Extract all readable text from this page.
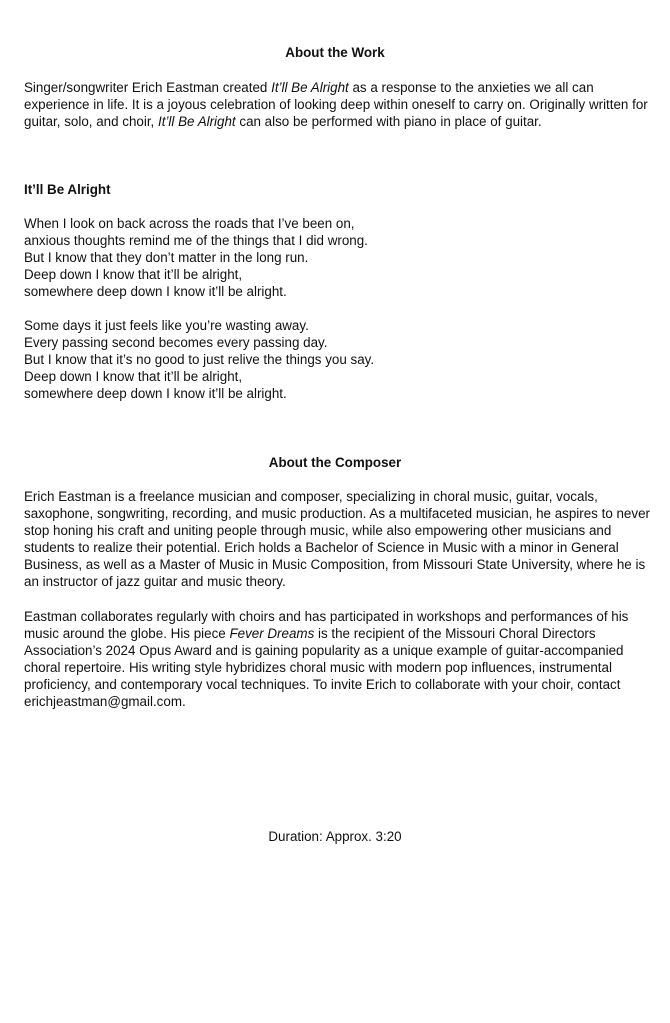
About the Work

Singer/songwriter Erich Eastman created It’ll Be Alright as a response to the anxieties we all can experience in life. It is a joyous celebration of looking deep within oneself to carry on. Originally written for guitar, solo, and choir, It’ll Be Alright can also be performed with piano in place of guitar.

It’ll Be Alright
When I look on back across the roads that I’ve been on,
anxious thoughts remind me of the things that I did wrong.
But I know that they don’t matter in the long run.
Deep down I know that it’ll be alright,
somewhere deep down I know it’ll be alright.
Some days it just feels like you’re wasting away.
Every passing second becomes every passing day.
But I know that it’s no good to just relive the things you say.
Deep down I know that it’ll be alright,
somewhere deep down I know it’ll be alright.
About the Composer

Erich Eastman is a freelance musician and composer, specializing in choral music, guitar, vocals, saxophone, songwriting, recording, and music production. As a multifaceted musician, he aspires to never stop honing his craft and uniting people through music, while also empowering other musicians and students to realize their potential. Erich holds a Bachelor of Science in Music with a minor in General Business, as well as a Master of Music in Music Composition, from Missouri State University, where he is an instructor of jazz guitar and music theory.

Eastman collaborates regularly with choirs and has participated in workshops and performances of his music around the globe. His piece Fever Dreams is the recipient of the Missouri Choral Directors Association’s 2024 Opus Award and is gaining popularity as a unique example of guitar-accompanied choral repertoire. His writing style hybridizes choral music with modern pop influences, instrumental proficiency, and contemporary vocal techniques. To invite Erich to collaborate with your choir, contact erichjeastman@gmail.com.

Duration: Approx. 3:20
